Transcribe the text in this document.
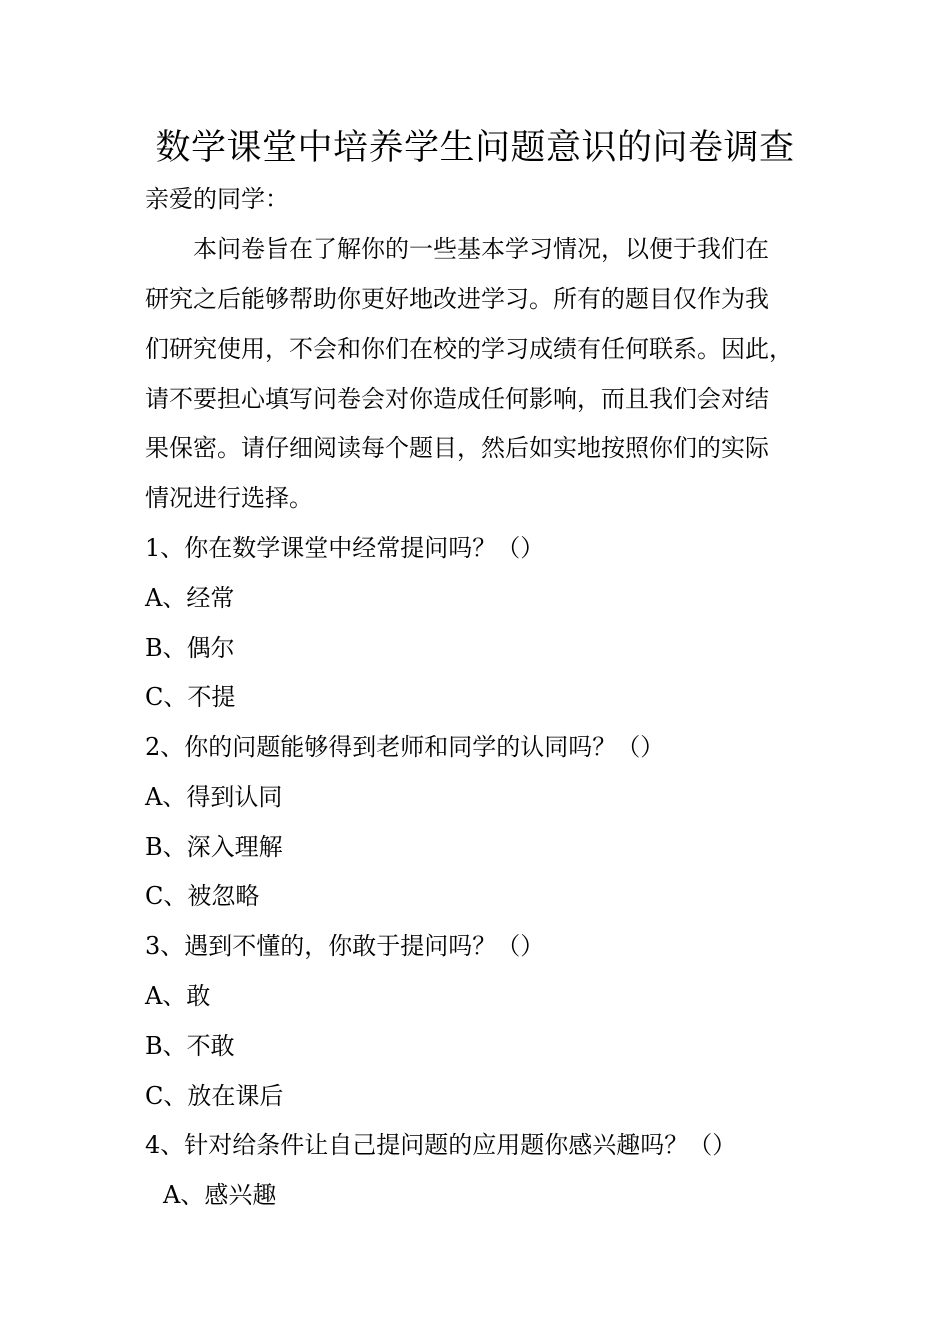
数学课堂中培养学生问题意识的问卷调查
亲爱的同学：
本问卷旨在了解你的一些基本学习情况，以便于我们在
研究之后能够帮助你更好地改进学习。所有的题目仅作为我
们研究使用，不会和你们在校的学习成绩有任何联系。因此，
请不要担心填写问卷会对你造成任何影响，而且我们会对结
果保密。请仔细阅读每个题目，然后如实地按照你们的实际
情况进行选择。
1、你在数学课堂中经常提问吗？（）
A、经常
B、偶尔
C、不提
2、你的问题能够得到老师和同学的认同吗？（）
A、得到认同
B、深入理解
C、被忽略
3、遇到不懂的，你敢于提问吗？（）
A、敢
B、不敢
C、放在课后
4、针对给条件让自己提问题的应用题你感兴趣吗？（）
A、感兴趣
